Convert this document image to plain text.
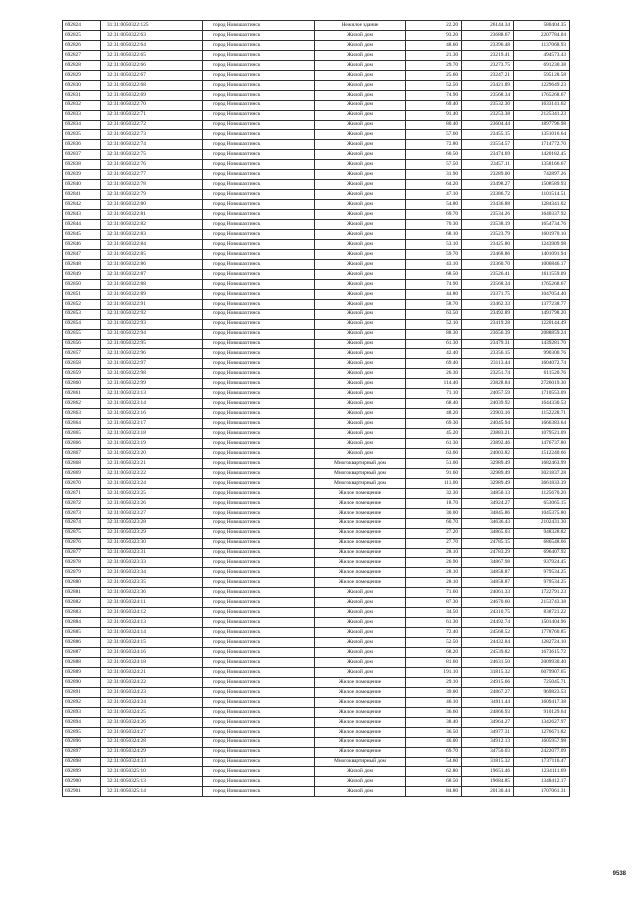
692824	31:31:0050322:125	город Новошахтинск	Нежилое здание	22.20	26144.34	580404.35
692825	32:31:0050322:63	город Новошахтинск	Жилой дом	93.20	23688.67	2207784.04
692826	32:31:0050322:64	город Новошахтинск	Жилой дом	48.60	23396.48	1137068.93
692827	32:31:0050322:65	город Новошахтинск	Жилой дом	21.30	23219.41	494573.43
692828	32:31:0050322:66	город Новошахтинск	Жилой дом	29.70	23273.75	691230.38
692829	32:31:0050322:67	город Новошахтинск	Жилой дом	25.60	23247.21	595128.58
692830	32:31:0050322:68	город Новошахтинск	Жилой дом	52.50	23421.89	1229649.23
692831	32:31:0050322:69	город Новошахтинск	Жилой дом	74.90	23568.34	1765268.67
692832	32:31:0050322:70	город Новошахтинск	Жилой дом	69.40	23532.30	1633141.62
692833	32:31:0050322:71	город Новошахтинск	Жилой дом	91.40	23253.38	2125341.23
692834	32:31:0050322:72	город Новошахтинск	Жилой дом	80.40	23604.44	1897796.98
692835	32:31:0050322:73	город Новошахтинск	Жилой дом	57.60	23455.15	1351016.64
692836	32:31:0050322:74	город Новошахтинск	Жилой дом	72.80	23554.57	1714772.70
692837	32:31:0050322:75	город Новошахтинск	Жилой дом	60.50	23474.69	1420182.45
692838	32:31:0050322:76	город Новошахтинск	Жилой дом	57.50	23457.11	1358166.67
692839	32:31:0050322:77	город Новошахтинск	Жилой дом	31.90	23289.00	742897.26
692840	32:31:0050322:78	город Новошахтинск	Жилой дом	64.20	23498.27	1508589.93
692841	32:31:0050322:79	город Новошахтинск	Жилой дом	47.10	23386.72	1101514.51
692842	32:31:0050322:80	город Новошахтинск	Жилой дом	54.80	23436.88	1284341.02
692843	32:31:0050322:81	город Новошахтинск	Жилой дом	69.70	23534.26	1640337.92
692844	32:31:0050322:82	город Новошахтинск	Жилой дом	70.30	23538.19	1654734.76
692845	32:31:0050322:83	город Новошахтинск	Жилой дом	68.10	23523.79	1601970.10
692846	32:31:0050322:84	город Новошахтинск	Жилой дом	53.10	23425.80	1243909.98
692847	32:31:0050322:85	город Новошахтинск	Жилой дом	59.70	23468.86	1401091.94
692848	32:31:0050322:86	город Новошахтинск	Жилой дом	43.10	23360.70	1006846.17
692849	32:31:0050322:87	город Новошахтинск	Жилой дом	68.50	23526.41	1611559.09
692850	32:31:0050322:88	город Новошахтинск	Жилой дом	74.90	23568.34	1765268.67
692851	32:31:0050322:89	город Новошахтинск	Жилой дом	44.80	23371.75	1047054.40
692852	32:31:0050322:91	город Новошахтинск	Жилой дом	58.70	23462.33	1377238.77
692853	32:31:0050322:92	город Новошахтинск	Жилой дом	63.50	23492.89	1491798.20
692854	32:31:0050322:93	город Новошахтинск	Жилой дом	52.10	23419.28	1220144.49
692855	32:31:0050322:94	город Новошахтинск	Жилой дом	88.30	23656.39	2088859.24
692856	32:31:0050322:95	город Новошахтинск	Жилой дом	61.30	23479.31	1439281.70
692857	32:31:0050322:96	город Новошахтинск	Жилой дом	42.40	23356.15	990300.76
692858	32:31:0050322:97	город Новошахтинск	Жилой дом	69.40	23113.44	1604072.74
692859	32:31:0050322:98	город Новошахтинск	Жилой дом	26.30	23251.74	611520.76
692860	32:31:0050322:99	город Новошахтинск	Жилой дом	114.40	23828.84	2726019.30
692861	32:31:0050323:13	город Новошахтинск	Жилой дом	71.10	24057.59	1710553.09
692862	32:31:0050323:14	город Новошахтинск	Жилой дом	68.40	24039.92	1644330.53
692863	32:31:0050323:16	город Новошахтинск	Жилой дом	48.20	23903.16	1152228.71
692864	32:31:0050323:17	город Новошахтинск	Жилой дом	69.30	24045.94	1666383.64
692865	32:31:0050323:18	город Новошахтинск	Жилой дом	45.20	23883.21	1079521.09
692866	32:31:0050323:19	город Новошахтинск	Жилой дом	61.30	23892.46	1476737.80
692867	32:31:0050323:20	город Новошахтинск	Жилой дом	63.00	24003.82	1512240.66
692868	32:31:0050323:21	город Новошахтинск	Многоквартирный дом	51.00	32989.49	1682463.99
692869	32:31:0050323:22	город Новошахтинск	Многоквартирный дом	91.60	32989.49	3021837.28
692870	32:31:0050323:24	город Новошахтинск	Многоквартирный дом	111.00	32989.49	3661833.39
692871	32:31:0050323:25	город Новошахтинск	Жилое помещение	32.30	34850.13	1125670.20
692872	32:31:0050323:26	город Новошахтинск	Жилое помещение	18.70	34924.27	653065.15
692873	32:31:0050323:27	город Новошахтинск	Жилое помещение	30.00	34845.86	1045375.80
692874	32:31:0050323:28	город Новошахтинск	Жилое помещение	60.70	34636.43	2102431.30
692875	32:31:0050323:29	город Новошахтинск	Жилое помещение	27.20	34865.03	948328.82
692876	32:31:0050323:30	город Новошахтинск	Жилое помещение	27.70	24785.15	686548.66
692877	32:31:0050323:31	город Новошахтинск	Жилое помещение	28.10	24783.29	696407.92
692878	32:31:0050323:33	город Новошахтинск	Жилое помещение	26.90	34867.98	937924.45
692879	32:31:0050323:34	город Новошахтинск	Жилое помещение	28.10	34858.87	979534.25
692880	32:31:0050323:35	город Новошахтинск	Жилое помещение	28.10	34858.87	979534.25
692881	32:31:0050323:36	город Новошахтинск	Жилой дом	71.60	24061.33	1722791.23
692882	32:31:0050324:11	город Новошахтинск	Жилой дом	87.30	24670.60	2153743.38
692883	32:31:0050324:12	город Новошахтинск	Жилой дом	34.50	24310.75	838721.22
692884	32:31:0050324:13	город Новошахтинск	Жилой дом	61.30	24492.74	1501404.96
692885	32:31:0050324:14	город Новошахтинск	Жилой дом	72.40	24568.52	1778760.85
692886	32:31:0050324:15	город Новошахтинск	Жилой дом	52.50	24432.84	1282724.10
692887	32:31:0050324:16	город Новошахтинск	Жилой дом	68.20	24539.82	1673615.72
692888	32:31:0050324:18	город Новошахтинск	Жилой дом	81.60	24631.50	2009930.40
692889	32:31:0050324:21	город Новошахтинск	Жилой дом	191.10	31815.32	6079907.65
692890	32:31:0050324:22	город Новошахтинск	Жилое помещение	29.10	24915.66	725045.71
692891	32:31:0050324:23	город Новошахтинск	Жилое помещение	39.00	24867.27	969823.53
692892	32:31:0050324:24	город Новошахтинск	Жилое помещение	46.10	34911.44	1609417.38
692893	32:31:0050324:25	город Новошахтинск	Жилое помещение	36.60	24866.93	910129.64
692894	32:31:0050324:26	город Новошахтинск	Жилое помещение	38.40	34964.27	1342627.97
692895	32:31:0050324:27	город Новошахтинск	Жилое помещение	36.50	34977.31	1276671.82
692896	32:31:0050324:28	город Новошахтинск	Жилое помещение	46.00	34912.13	1605957.98
692897	32:31:0050324:29	город Новошахтинск	Жилое помещение	69.70	34750.03	2422077.09
692898	32:31:0050324:33	город Новошахтинск	Многоквартирный дом	54.60	31815.32	1737116.47
692899	32:31:0050325:10	город Новошахтинск	Жилой дом	62.80	19651.46	1234111.69
692900	32:31:0050325:13	город Новошахтинск	Жилой дом	68.50	19684.85	1348412.17
692901	32:31:0050325:14	город Новошахтинск	Жилой дом	84.80	20130.44	1707061.31
9538
